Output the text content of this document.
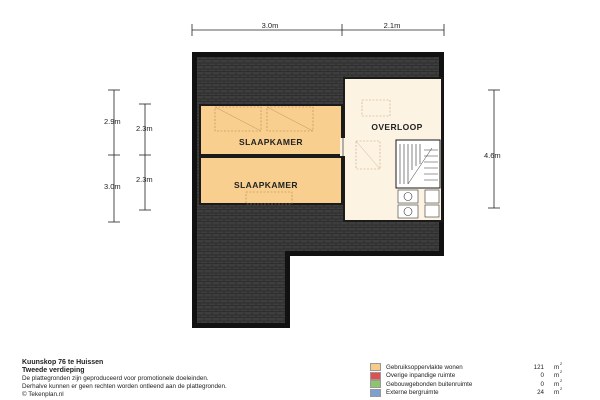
3.0m	2.1m
2.9m
2.3m
3.0m
2.3m
4.6m
SLAAPKAMER
SLAAPKAMER
OVERLOOP
Kuunskop 76 te Huissen
Tweede verdieping
De plattegronden zijn geproduceerd voor promotionele doeleinden.
Derhalve kunnen er geen rechten worden ontleend aan de plattegronden.
© Tekenplan.nl
Gebruiksoppervlakte wonen	121 m
2
Overige inpandige ruimte	0 m
2
Gebouwgebonden buitenruimte	0 m
2
Externe bergruimte	24 m
2
